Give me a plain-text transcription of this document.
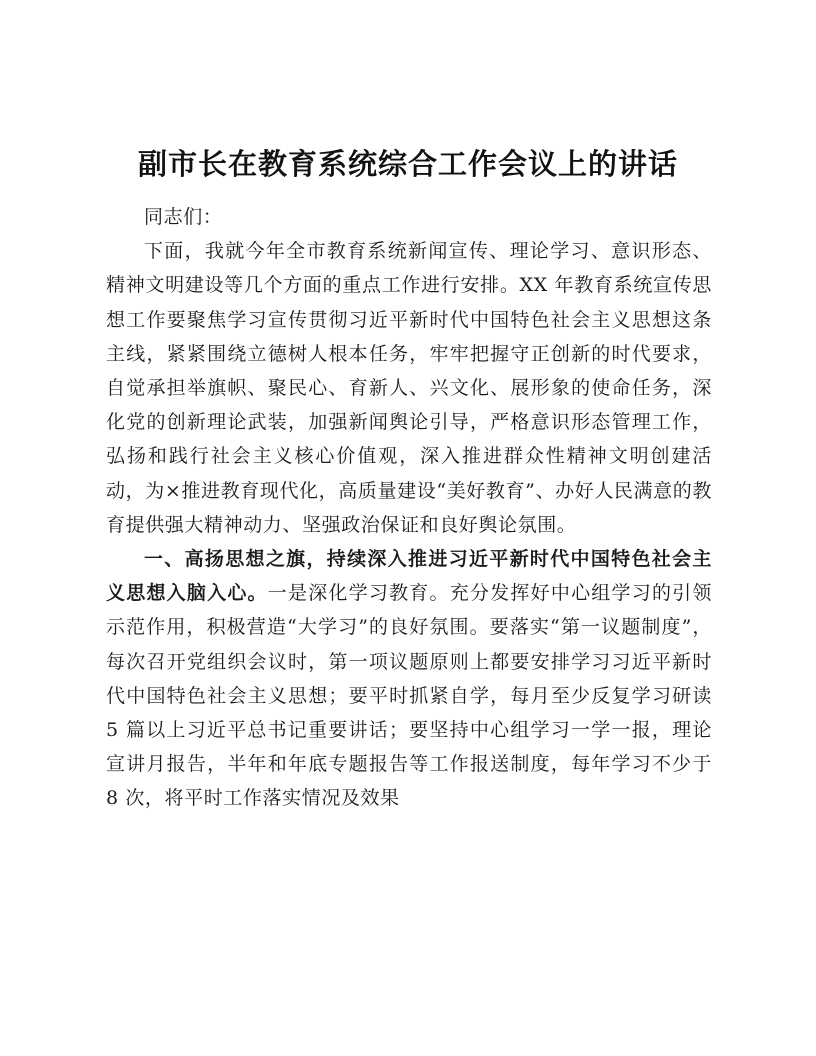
副市长在教育系统综合工作会议上的讲话

同志们：

下面，我就今年全市教育系统新闻宣传、理论学习、意识形态、精神文明建设等几个方面的重点工作进行安排。XX 年教育系统宣传思想工作要聚焦学习宣传贯彻习近平新时代中国特色社会主义思想这条主线，紧紧围绕立德树人根本任务，牢牢把握守正创新的时代要求，自觉承担举旗帜、聚民心、育新人、兴文化、展形象的使命任务，深化党的创新理论武装，加强新闻舆论引导，严格意识形态管理工作，弘扬和践行社会主义核心价值观，深入推进群众性精神文明创建活动，为×推进教育现代化，高质量建设“美好教育”、办好人民满意的教育提供强大精神动力、坚强政治保证和良好舆论氛围。

一、高扬思想之旗，持续深入推进习近平新时代中国特色社会主义思想入脑入心。一是深化学习教育。充分发挥好中心组学习的引领示范作用，积极营造“大学习”的良好氛围。要落实“第一议题制度”，每次召开党组织会议时，第一项议题原则上都要安排学习习近平新时代中国特色社会主义思想；要平时抓紧自学，每月至少反复学习研读 5 篇以上习近平总书记重要讲话；要坚持中心组学习一学一报，理论宣讲月报告，半年和年底专题报告等工作报送制度，每年学习不少于 8 次，将平时工作落实情况及效果
